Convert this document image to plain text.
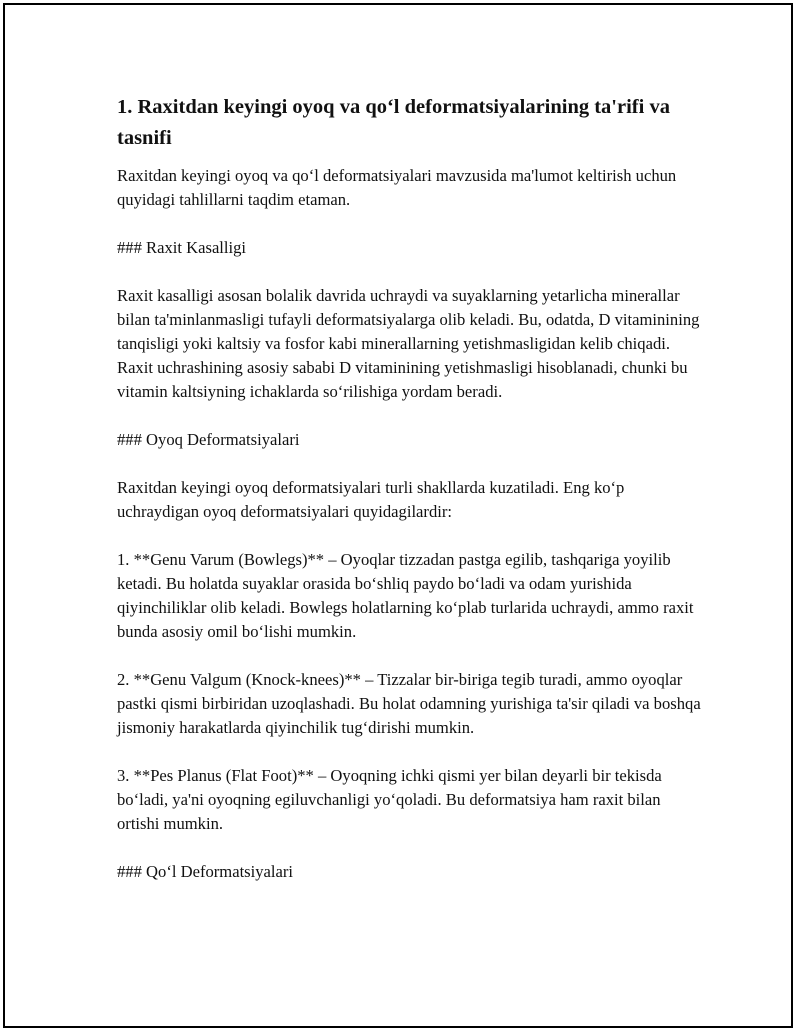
1. Raxitdan keyingi oyoq va qo‘l deformatsiyalarining ta'rifi va tasnifi

Raxitdan keyingi oyoq va qo‘l deformatsiyalari mavzusida ma'lumot keltirish uchun quyidagi tahlillarni taqdim etaman.

### Raxit Kasalligi

Raxit kasalligi asosan bolalik davrida uchraydi va suyaklarning yetarlicha minerallar bilan ta'minlanmasligi tufayli deformatsiyalarga olib keladi. Bu, odatda, D vitaminining tanqisligi yoki kaltsiy va fosfor kabi minerallarning yetishmasligidan kelib chiqadi. Raxit uchrashining asosiy sababi D vitaminining yetishmasligi hisoblanadi, chunki bu vitamin kaltsiyning ichaklarda so‘rilishiga yordam beradi.

### Oyoq Deformatsiyalari

Raxitdan keyingi oyoq deformatsiyalari turli shakllarda kuzatiladi. Eng ko‘p uchraydigan oyoq deformatsiyalari quyidagilardir:

1. **Genu Varum (Bowlegs)** – Oyoqlar tizzadan pastga egilib, tashqariga yoyilib ketadi. Bu holatda suyaklar orasida bo‘shliq paydo bo‘ladi va odam yurishida qiyinchiliklar olib keladi. Bowlegs holatlarning ko‘plab turlarida uchraydi, ammo raxit bunda asosiy omil bo‘lishi mumkin.

2. **Genu Valgum (Knock-knees)** – Tizzalar bir-biriga tegib turadi, ammo oyoqlar pastki qismi birbiridan uzoqlashadi. Bu holat odamning yurishiga ta'sir qiladi va boshqa jismoniy harakatlarda qiyinchilik tug‘dirishi mumkin.

3. **Pes Planus (Flat Foot)** – Oyoqning ichki qismi yer bilan deyarli bir tekisda bo‘ladi, ya'ni oyoqning egiluvchanligi yo‘qoladi. Bu deformatsiya ham raxit bilan ortishi mumkin.

### Qo‘l Deformatsiyalari
